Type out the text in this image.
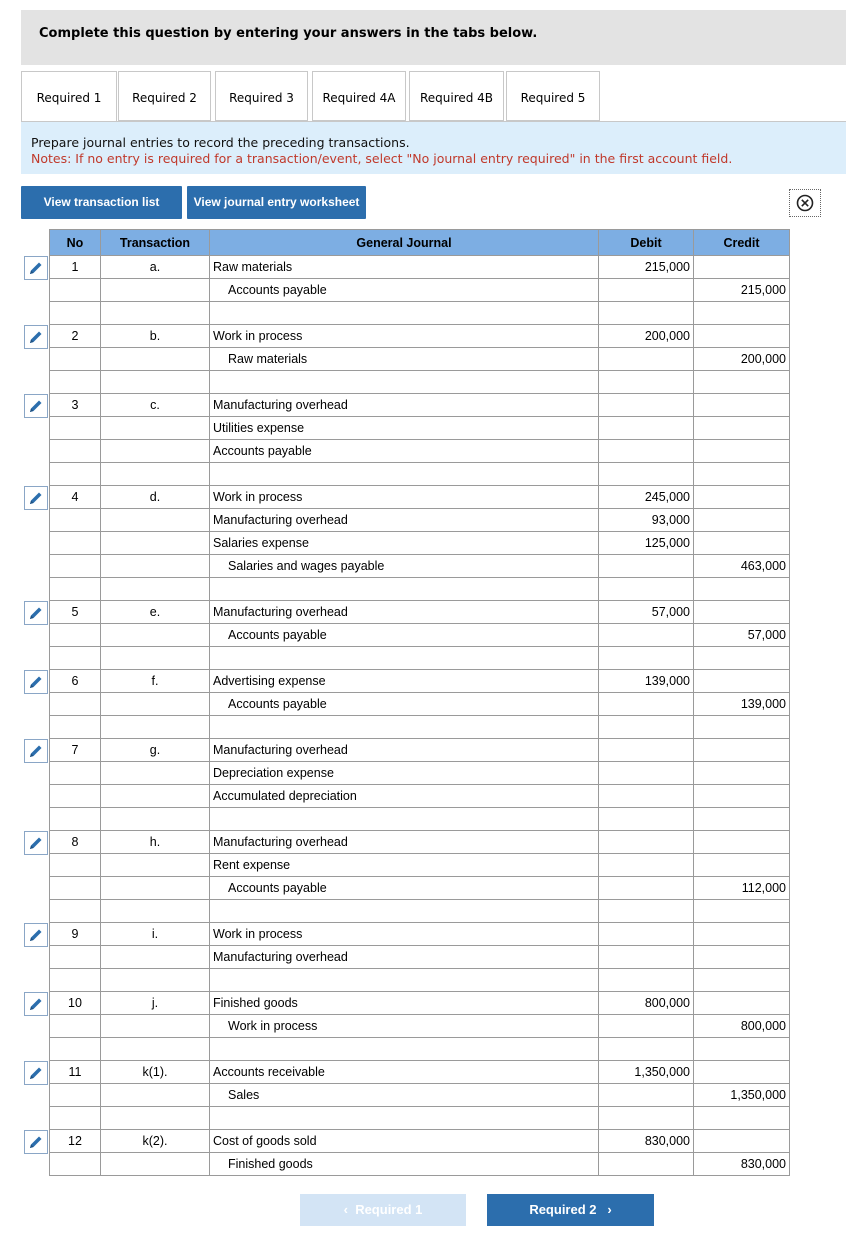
Complete this question by entering your answers in the tabs below.
Required 1	Required 2	Required 3	Required 4A	Required 4B	Required 5
Prepare journal entries to record the preceding transactions.
Notes: If no entry is required for a transaction/event, select "No journal entry required" in the first account field.
View transaction list	View journal entry worksheet
No	Transaction	General Journal	Debit	Credit
1	a.	Raw materials	215,000	
		Accounts payable		215,000

2	b.	Work in process	200,000	
		Raw materials		200,000

3	c.	Manufacturing overhead		
		Utilities expense		
		Accounts payable		

4	d.	Work in process	245,000	
		Manufacturing overhead	93,000	
		Salaries expense	125,000	
		Salaries and wages payable		463,000

5	e.	Manufacturing overhead	57,000	
		Accounts payable		57,000

6	f.	Advertising expense	139,000	
		Accounts payable		139,000

7	g.	Manufacturing overhead		
		Depreciation expense		
		Accumulated depreciation		

8	h.	Manufacturing overhead		
		Rent expense		
		Accounts payable		112,000

9	i.	Work in process		
		Manufacturing overhead		

10	j.	Finished goods	800,000	
		Work in process		800,000

11	k(1).	Accounts receivable	1,350,000	
		Sales		1,350,000

12	k(2).	Cost of goods sold	830,000	
		Finished goods		830,000
‹  Required 1	Required 2   ›
